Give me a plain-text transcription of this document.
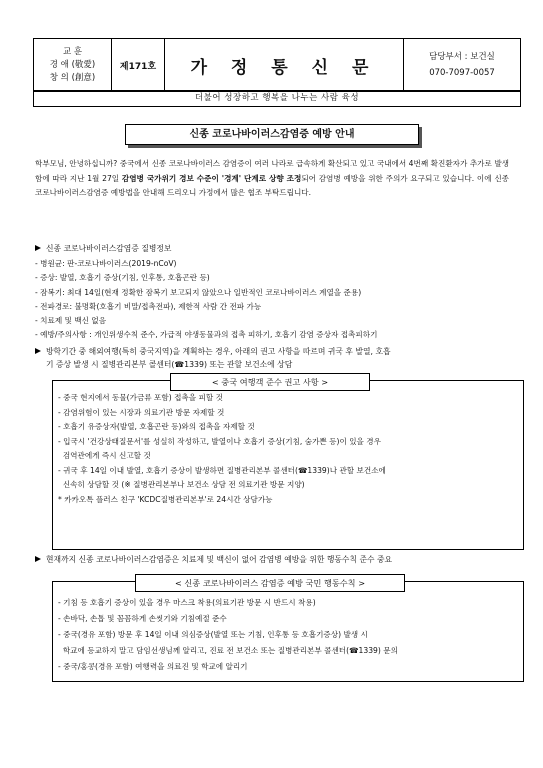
교 훈
경 애 (敬愛)
창 의 (創意)
제171호	가 정 통 신 문
담당부서 : 보건실
070-7097-0057
더불어 성장하고 행복을 나누는 사람 육성
신종 코로나바이러스감염증 예방 안내
학부모님, 안녕하십니까? 중국에서 신종 코로나바이러스 감염증이 여러 나라로 급속하게 확산되고 있고 국내에서 4번째 확진환자가 추가로 발생함에 따라 지난 1월 27일 감염병 국가위기 경보 수준이 '경계' 단계로 상향 조정되어 감염병 예방을 위한 주의가 요구되고 있습니다. 이에 신종 코로나바이러스감염증 예방법을 안내해 드리오니 가정에서 많은 협조 부탁드립니다.
신종 코로나바이러스감염증 질병정보
- 병원균: 판-코로나바이러스(2019-nCoV)
- 증상: 발열, 호흡기 증상(기침, 인후통, 호흡곤란 등)
- 잠복기: 최대 14일(현재 정확한 잠복기 보고되지 않았으나 일반적인 코로나바이러스 계열을 준용)
- 전파경로: 불명확(호흡기 비말/접촉전파), 제한적 사람 간 전파 가능
- 치료제 및 백신 없음
- 예방/주의사항 : 개인위생수칙 준수, 가급적 야생동물과의 접촉 피하기, 호흡기 감염 증상자 접촉피하기
방학기간 중 해외여행(특히 중국지역)을 계획하는 경우, 아래의 권고 사항을 따르며 귀국 후 발열, 호흡
기 증상 발생 시 질병관리본부 콜센터(☎1339) 또는 관할 보건소에 상담
< 중국 여행객 준수 권고 사항 >
- 중국 현지에서 동물(가금류 포함) 접촉을 피할 것
- 감염위험이 있는 시장과 의료기관 방문 자제할 것
- 호흡기 유증상자(발열, 호흡곤란 등)와의 접촉을 자제할 것
- 입국시 '건강상태질문서'를 성실히 작성하고, 발열이나 호흡기 증상(기침, 숨가쁜 등)이 있을 경우
검역관에게 즉시 신고할 것
- 귀국 후 14일 이내 발열, 호흡기 증상이 발생하면 질병관리본부 콜센터(☎1339)나 관할 보건소에
신속히 상담할 것 (※ 질병관리본부나 보건소 상담 전 의료기관 방문 지양)
* 카카오톡 플러스 친구 'KCDC질병관리본부'로 24시간 상담가능
현재까지 신종 코로나바이러스감염증은 치료제 및 백신이 없어 감염병 예방을 위한 행동수칙 준수 중요
< 신종 코로나바이러스 감염증 예방 국민 행동수칙 >
- 기침 등 호흡기 증상이 있을 경우 마스크 착용(의료기관 방문 시 반드시 착용)
- 손바닥, 손톱 및 꼼꼼하게 손씻기와 기침예절 준수
- 중국(경유 포함) 방문 후 14일 이내 의심증상(발열 또는 기침, 인후통 등 호흡기증상) 발생 시
학교에 등교하지 말고 담임선생님께 알리고, 진료 전 보건소 또는 질병관리본부 콜센터(☎1339) 문의
- 중국/홍콩(경유 포함) 여행력을 의료진 및 학교에 알리기
